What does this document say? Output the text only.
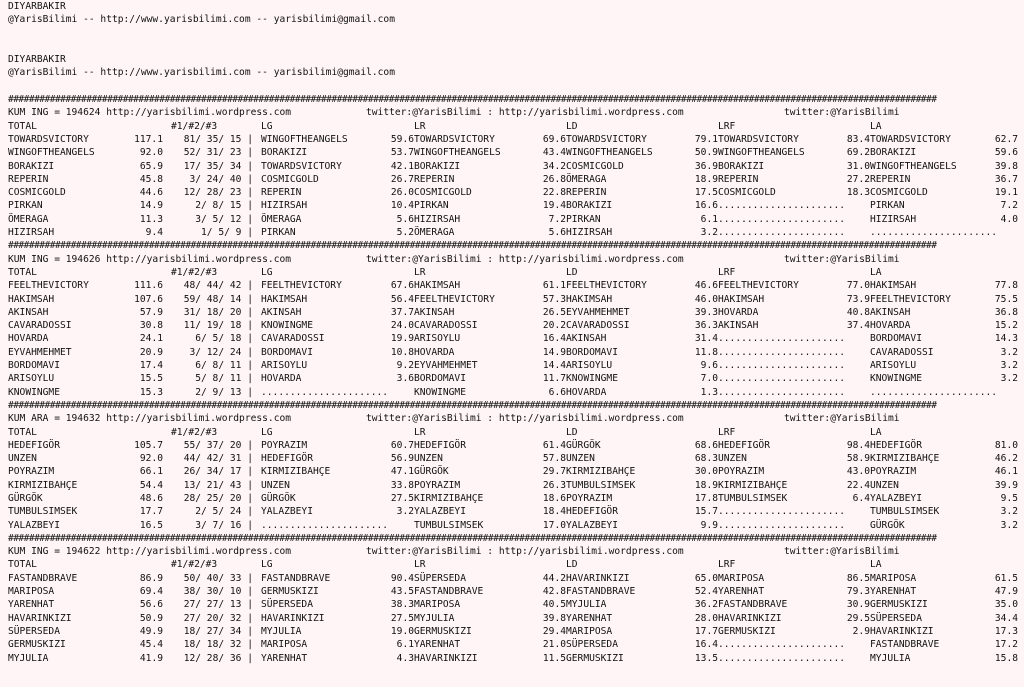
DIYARBAKIR
@YarisBilimi -- http://www.yarisbilimi.com -- yarisbilimi@gmail.com
DIYARBAKIR
@YarisBilimi -- http://www.yarisbilimi.com -- yarisbilimi@gmail.com
##################################################################################################################################################################################
KUM ING = 194624 http://yarisbilimi.wordpress.com	twitter:@YarisBilimi : http://yarisbilimi.wordpress.com	twitter:@YarisBilimi
TOTAL	#1/#2/#3	LG	LR	LD	LRF	LA
TOWARDSVICTORY	117.1	81/ 35/ 15 | WINGOFTHEANGELS	59.6 TOWARDSVICTORY	69.6 TOWARDSVICTORY	79.1 TOWARDSVICTORY	83.4 TOWARDSVICTORY	62.7
WINGOFTHEANGELS	92.0	52/ 31/ 23 | BORAKIZI	53.7 WINGOFTHEANGELS	43.4 WINGOFTHEANGELS	50.9 WINGOFTHEANGELS	69.2 BORAKIZI	59.6
BORAKIZI	65.9	17/ 35/ 34 | TOWARDSVICTORY	42.1 BORAKIZI	34.2 COSMICGOLD	36.9 BORAKIZI	31.0 WINGOFTHEANGELS	39.8
REPERIN	45.8	3/ 24/ 40 | COSMICGOLD	26.7 REPERIN	26.8 ÖMERAGA	18.9 REPERIN	27.2 REPERIN	36.7
COSMICGOLD	44.6	12/ 28/ 23 | REPERIN	26.0 COSMICGOLD	22.8 REPERIN	17.5 COSMICGOLD	18.3 COSMICGOLD	19.1
PIRKAN	14.9	2/ 8/ 15 | HIZIRSAH	10.4 PIRKAN	19.4 BORAKIZI	16.6 ......................	PIRKAN	7.2
ÖMERAGA	11.3	3/ 5/ 12 | ÖMERAGA	5.6 HIZIRSAH	7.2 PIRKAN	6.1 ......................	HIZIRSAH	4.0
HIZIRSAH	9.4	1/ 5/ 9 | PIRKAN	5.2 ÖMERAGA	5.6 HIZIRSAH	3.2 ......................	......................
##################################################################################################################################################################################
KUM ING = 194626 http://yarisbilimi.wordpress.com	twitter:@YarisBilimi : http://yarisbilimi.wordpress.com	twitter:@YarisBilimi
TOTAL	#1/#2/#3	LG	LR	LD	LRF	LA
FEELTHEVICTORY	111.6	48/ 44/ 42 | FEELTHEVICTORY	67.6 HAKIMSAH	61.1 FEELTHEVICTORY	46.6 FEELTHEVICTORY	77.0 HAKIMSAH	77.8
HAKIMSAH	107.6	59/ 48/ 14 | HAKIMSAH	56.4 FEELTHEVICTORY	57.3 HAKIMSAH	46.0 HAKIMSAH	73.9 FEELTHEVICTORY	75.5
AKINSAH	57.9	31/ 18/ 20 | AKINSAH	37.7 AKINSAH	26.5 EYVAHMEHMET	39.3 HOVARDA	40.8 AKINSAH	36.8
CAVARADOSSI	30.8	11/ 19/ 18 | KNOWINGME	24.0 CAVARADOSSI	20.2 CAVARADOSSI	36.3 AKINSAH	37.4 HOVARDA	15.2
HOVARDA	24.1	6/ 5/ 18 | CAVARADOSSI	19.9 ARISOYLU	16.4 AKINSAH	31.4 ......................	BORDOMAVI	14.3
EYVAHMEHMET	20.9	3/ 12/ 24 | BORDOMAVI	10.8 HOVARDA	14.9 BORDOMAVI	11.8 ......................	CAVARADOSSI	3.2
BORDOMAVI	17.4	6/ 8/ 11 | ARISOYLU	9.2 EYVAHMEHMET	14.4 ARISOYLU	9.6 ......................	ARISOYLU	3.2
ARISOYLU	15.5	5/ 8/ 11 | HOVARDA	3.6 BORDOMAVI	11.7 KNOWINGME	7.0 ......................	KNOWINGME	3.2
KNOWINGME	15.3	2/ 9/ 13 | ......................	KNOWINGME	6.6 HOVARDA	1.3 ......................	......................
##################################################################################################################################################################################
KUM ARA = 194632 http://yarisbilimi.wordpress.com	twitter:@YarisBilimi : http://yarisbilimi.wordpress.com	twitter:@YarisBilimi
TOTAL	#1/#2/#3	LG	LR	LD	LRF	LA
HEDEFIGÖR	105.7	55/ 37/ 20 | POYRAZIM	60.7 HEDEFIGÖR	61.4 GÜRGÖK	68.6 HEDEFIGÖR	98.4 HEDEFIGÖR	81.0
UNZEN	92.0	44/ 42/ 31 | HEDEFIGÖR	56.9 UNZEN	57.8 UNZEN	68.3 UNZEN	58.9 KIRMIZIBAHÇE	46.2
POYRAZIM	66.1	26/ 34/ 17 | KIRMIZIBAHÇE	47.1 GÜRGÖK	29.7 KIRMIZIBAHÇE	30.0 POYRAZIM	43.0 POYRAZIM	46.1
KIRMIZIBAHÇE	54.4	13/ 21/ 43 | UNZEN	33.8 POYRAZIM	26.3 TUMBULSIMSEK	18.9 KIRMIZIBAHÇE	22.4 UNZEN	39.9
GÜRGÖK	48.6	28/ 25/ 20 | GÜRGÖK	27.5 KIRMIZIBAHÇE	18.6 POYRAZIM	17.8 TUMBULSIMSEK	6.4 YALAZBEYI	9.5
TUMBULSIMSEK	17.7	2/ 5/ 24 | YALAZBEYI	3.2 YALAZBEYI	18.4 HEDEFIGÖR	15.7 ......................	TUMBULSIMSEK	3.2
YALAZBEYI	16.5	3/ 7/ 16 | ......................	TUMBULSIMSEK	17.0 YALAZBEYI	9.9 ......................	GÜRGÖK	3.2
##################################################################################################################################################################################
KUM ING = 194622 http://yarisbilimi.wordpress.com	twitter:@YarisBilimi : http://yarisbilimi.wordpress.com	twitter:@YarisBilimi
TOTAL	#1/#2/#3	LG	LR	LD	LRF	LA
FASTANDBRAVE	86.9	50/ 40/ 33 | FASTANDBRAVE	90.4 SÜPERSEDA	44.2 HAVARINKIZI	65.0 MARIPOSA	86.5 MARIPOSA	61.5
MARIPOSA	69.4	38/ 30/ 10 | GERMUSKIZI	43.5 FASTANDBRAVE	42.8 FASTANDBRAVE	52.4 YARENHAT	79.3 YARENHAT	47.9
YARENHAT	56.6	27/ 27/ 13 | SÜPERSEDA	38.3 MARIPOSA	40.5 MYJULIA	36.2 FASTANDBRAVE	30.9 GERMUSKIZI	35.0
HAVARINKIZI	50.9	27/ 20/ 32 | HAVARINKIZI	27.5 MYJULIA	39.8 YARENHAT	28.0 HAVARINKIZI	29.5 SÜPERSEDA	34.4
SÜPERSEDA	49.9	18/ 27/ 34 | MYJULIA	19.0 GERMUSKIZI	29.4 MARIPOSA	17.7 GERMUSKIZI	2.9 HAVARINKIZI	17.3
GERMUSKIZI	45.4	18/ 18/ 32 | MARIPOSA	6.1 YARENHAT	21.0 SÜPERSEDA	16.4 ......................	FASTANDBRAVE	17.2
MYJULIA	41.9	12/ 28/ 36 | YARENHAT	4.3 HAVARINKIZI	11.5 GERMUSKIZI	13.5 ......................	MYJULIA	15.8
